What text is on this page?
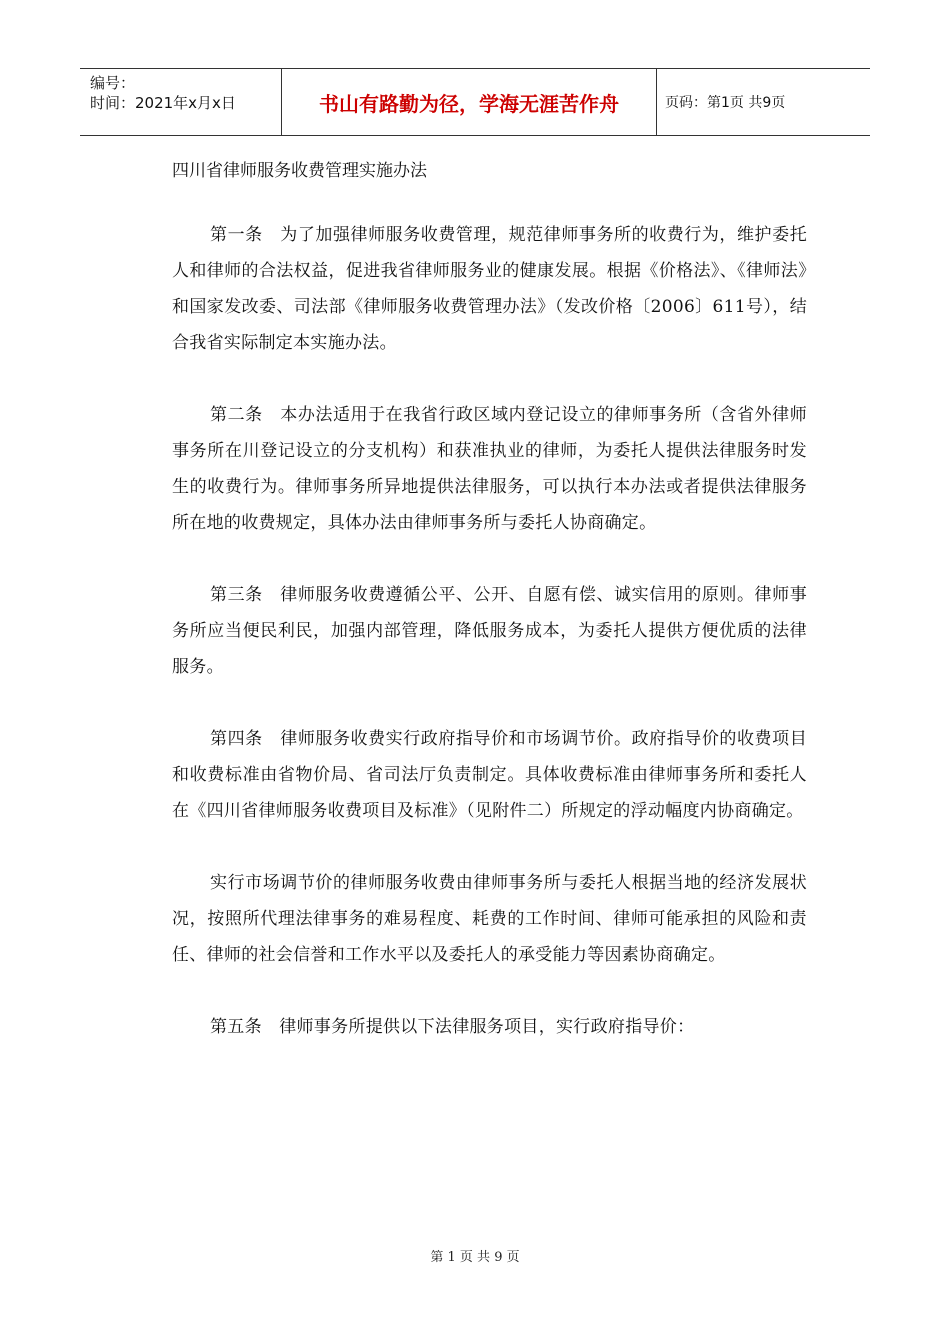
编号：
时间：2021年x月x日	书山有路勤为径，学海无涯苦作舟	页码：第1页 共9页
四川省律师服务收费管理实施办法

第一条　为了加强律师服务收费管理，规范律师事务所的收费行为，维护委托人和律师的合法权益，促进我省律师服务业的健康发展。根据《价格法》、《律师法》和国家发改委、司法部《律师服务收费管理办法》（发改价格〔2006〕611号），结合我省实际制定本实施办法。

第二条　本办法适用于在我省行政区域内登记设立的律师事务所（含省外律师事务所在川登记设立的分支机构）和获准执业的律师，为委托人提供法律服务时发生的收费行为。律师事务所异地提供法律服务，可以执行本办法或者提供法律服务所在地的收费规定，具体办法由律师事务所与委托人协商确定。

第三条　律师服务收费遵循公平、公开、自愿有偿、诚实信用的原则。律师事务所应当便民利民，加强内部管理，降低服务成本，为委托人提供方便优质的法律服务。

第四条　律师服务收费实行政府指导价和市场调节价。政府指导价的收费项目和收费标准由省物价局、省司法厅负责制定。具体收费标准由律师事务所和委托人在《四川省律师服务收费项目及标准》（见附件二）所规定的浮动幅度内协商确定。

实行市场调节价的律师服务收费由律师事务所与委托人根据当地的经济发展状况，按照所代理法律事务的难易程度、耗费的工作时间、律师可能承担的风险和责任、律师的社会信誉和工作水平以及委托人的承受能力等因素协商确定。

第五条　律师事务所提供以下法律服务项目，实行政府指导价：

第 1 页 共 9 页
